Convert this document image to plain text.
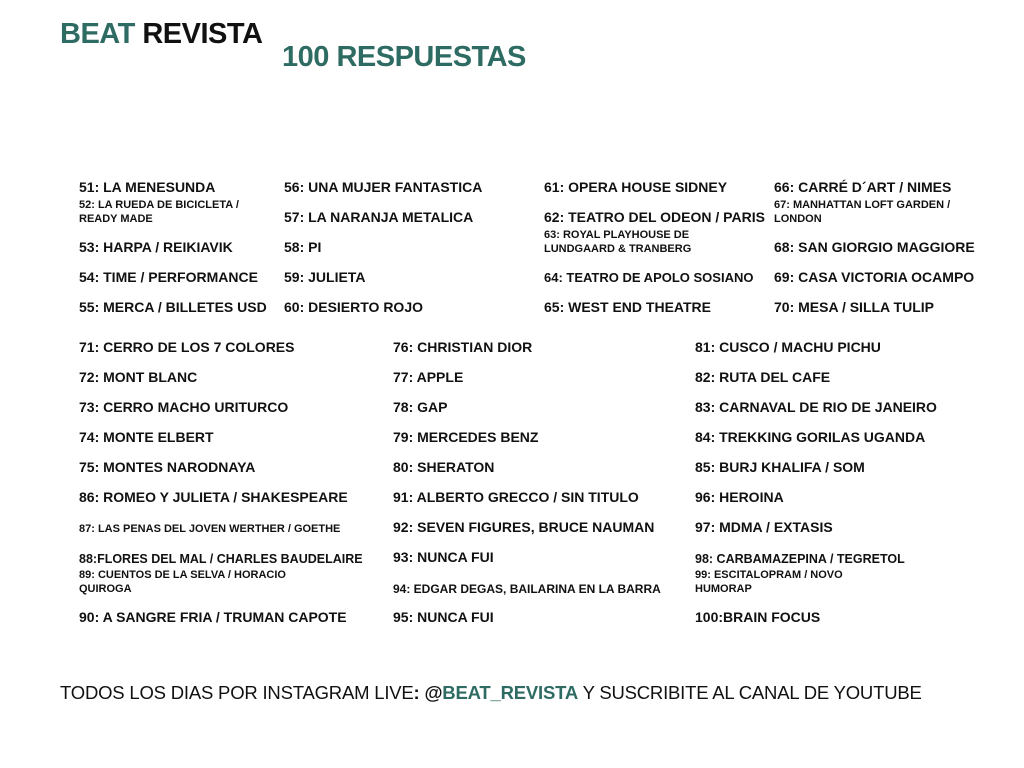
BEAT REVISTA
100 RESPUESTAS
51: LA MENESUNDA
52: LA RUEDA DE BICICLETA / READY MADE
53: HARPA / REIKIAVIK
54: TIME / PERFORMANCE
55: MERCA / BILLETES USD
56: UNA MUJER FANTASTICA
57: LA NARANJA METALICA
58: PI
59: JULIETA
60: DESIERTO ROJO
61: OPERA HOUSE SIDNEY
62: TEATRO DEL ODEON / PARIS
63: ROYAL PLAYHOUSE DE LUNDGAARD & TRANBERG
64: TEATRO DE APOLO SOSIANO
65: WEST END THEATRE
66: CARRÉ D´ART / NIMES
67: MANHATTAN LOFT GARDEN / LONDON
68: SAN GIORGIO MAGGIORE
69: CASA VICTORIA OCAMPO
70: MESA / SILLA TULIP
71: CERRO DE LOS 7 COLORES
72: MONT BLANC
73: CERRO MACHO URITURCO
74: MONTE ELBERT
75: MONTES NARODNAYA
76: CHRISTIAN DIOR
77: APPLE
78: GAP
79: MERCEDES BENZ
80: SHERATON
81: CUSCO / MACHU PICHU
82: RUTA DEL CAFE
83: CARNAVAL DE RIO DE JANEIRO
84: TREKKING GORILAS UGANDA
85: BURJ KHALIFA / SOM
86: ROMEO Y JULIETA / SHAKESPEARE
87: LAS PENAS DEL JOVEN WERTHER / GOETHE
88:FLORES DEL MAL / CHARLES BAUDELAIRE
89: CUENTOS DE LA SELVA / HORACIO QUIROGA
90: A SANGRE FRIA / TRUMAN CAPOTE
91: ALBERTO GRECCO / SIN TITULO
92: SEVEN FIGURES, BRUCE NAUMAN
93: NUNCA FUI
94: EDGAR DEGAS, BAILARINA EN LA BARRA
95: NUNCA FUI
96: HEROINA
97: MDMA / EXTASIS
98: CARBAMAZEPINA / TEGRETOL
99: ESCITALOPRAM / NOVO HUMORAP
100:BRAIN FOCUS
TODOS LOS DIAS POR INSTAGRAM LIVE: @BEAT_REVISTA Y SUSCRIBITE AL CANAL DE YOUTUBE
